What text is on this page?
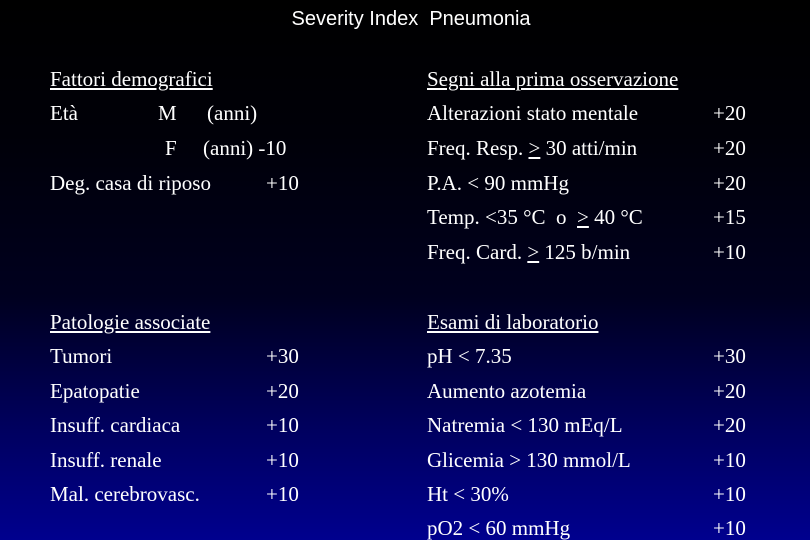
Severity Index  Pneumonia
Fattori demografici
Età	M (anni)
F (anni) -10
Deg. casa di riposo	+10
Segni alla prima osservazione
Alterazioni stato mentale	+20
Freq. Resp. > 30 atti/min	+20
P.A. < 90 mmHg	+20
Temp. <35 °C  o  ≥ 40 °C	+15
Freq. Card. > 125 b/min	+10
Patologie associate
Tumori	+30
Epatopatie	+20
Insuff. cardiaca	+10
Insuff. renale	+10
Mal. cerebrovasc.	+10
Esami di laboratorio
pH < 7.35	+30
Aumento azotemia	+20
Natremia < 130 mEq/L	+20
Glicemia > 130 mmol/L	+10
Ht < 30%	+10
pO2 < 60 mmHg	+10
